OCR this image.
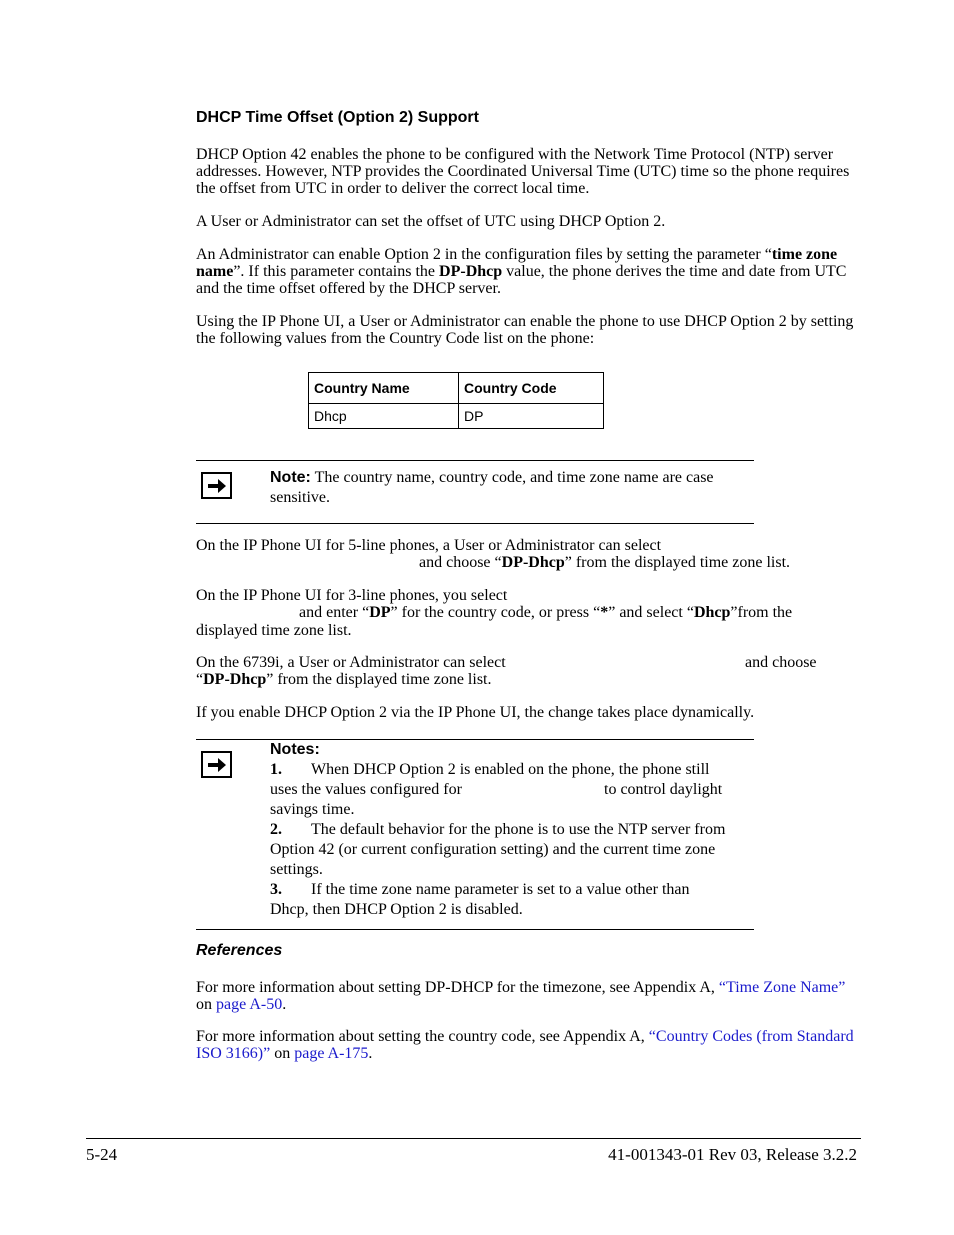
DHCP Time Offset (Option 2) Support
DHCP Option 42 enables the phone to be configured with the Network Time Protocol (NTP) server addresses. However, NTP provides the Coordinated Universal Time (UTC) time so the phone requires the offset from UTC in order to deliver the correct local time.
A User or Administrator can set the offset of UTC using DHCP Option 2.
An Administrator can enable Option 2 in the configuration files by setting the parameter “time zone name”. If this parameter contains the DP-Dhcp value, the phone derives the time and date from UTC and the time offset offered by the DHCP server.
Using the IP Phone UI, a User or Administrator can enable the phone to use DHCP Option 2 by setting the following values from the Country Code list on the phone:
Country Name	Country Code
Dhcp	DP
Note: The country name, country code, and time zone name are case sensitive.
On the IP Phone UI for 5-line phones, a User or Administrator can select
and choose “DP-Dhcp” from the displayed time zone list.
On the IP Phone UI for 3-line phones, you select
and enter “DP” for the country code, or press “*” and select “Dhcp”from the
displayed time zone list.
On the 6739i, a User or Administrator can select	and choose
“DP-Dhcp” from the displayed time zone list.
If you enable DHCP Option 2 via the IP Phone UI, the change takes place dynamically.
Notes:
1. When DHCP Option 2 is enabled on the phone, the phone still
uses the values configured for	to control daylight

savings time.
2. The default behavior for the phone is to use the NTP server from
Option 42 (or current configuration setting) and the current time zone
settings.
3. If the time zone name parameter is set to a value other than
Dhcp, then DHCP Option 2 is disabled.
References
For more information about setting DP-DHCP for the timezone, see Appendix A, “Time Zone Name” on page A-50.
For more information about setting the country code, see Appendix A, “Country Codes (from Standard ISO 3166)” on page A-175.
5-24	41-001343-01 Rev 03, Release 3.2.2
